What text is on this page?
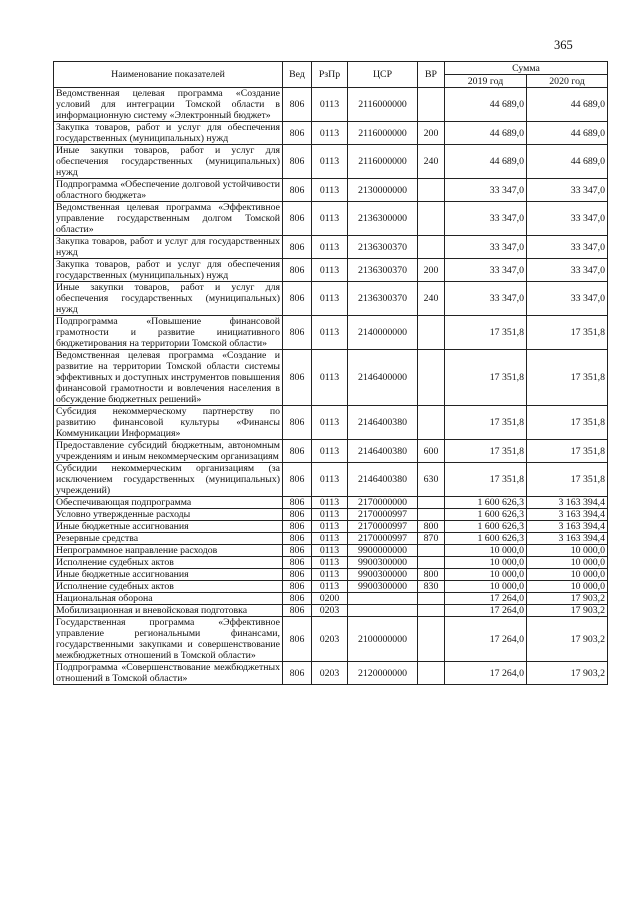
365
Наименование показателей	Вед	РзПр	ЦСР	ВР	Сумма	
					2019 год	2020 год
Ведомственная целевая программа «Создание условий для интеграции Томской области в информационную систему «Электронный бюджет»	806	0113	2116000000		44 689,0	44 689,0
Закупка товаров, работ и услуг для обеспечения государственных (муниципальных) нужд	806	0113	2116000000	200	44 689,0	44 689,0
Иные закупки товаров, работ и услуг для обеспечения государственных (муниципальных) нужд	806	0113	2116000000	240	44 689,0	44 689,0
Подпрограмма «Обеспечение долговой устойчивости областного бюджета»	806	0113	2130000000		33 347,0	33 347,0
Ведомственная целевая программа «Эффективное управление государственным долгом Томской области»	806	0113	2136300000		33 347,0	33 347,0
Закупка товаров, работ и услуг для государственных нужд	806	0113	2136300370		33 347,0	33 347,0
Закупка товаров, работ и услуг для обеспечения государственных (муниципальных) нужд	806	0113	2136300370	200	33 347,0	33 347,0
Иные закупки товаров, работ и услуг для обеспечения государственных (муниципальных) нужд	806	0113	2136300370	240	33 347,0	33 347,0
Подпрограмма «Повышение финансовой грамотности и развитие инициативного бюджетирования на территории Томской области»	806	0113	2140000000		17 351,8	17 351,8
Ведомственная целевая программа «Создание и развитие на территории Томской области системы эффективных и доступных инструментов повышения финансовой грамотности и вовлечения населения в обсуждение бюджетных решений»	806	0113	2146400000		17 351,8	17 351,8
Субсидия некоммерческому партнерству по развитию финансовой культуры «Финансы Коммуникации Информация»	806	0113	2146400380		17 351,8	17 351,8
Предоставление субсидий бюджетным, автономным учреждениям и иным некоммерческим организациям	806	0113	2146400380	600	17 351,8	17 351,8
Субсидии некоммерческим организациям (за исключением государственных (муниципальных) учреждений)	806	0113	2146400380	630	17 351,8	17 351,8
Обеспечивающая подпрограмма	806	0113	2170000000		1 600 626,3	3 163 394,4
Условно утвержденные расходы	806	0113	2170000997		1 600 626,3	3 163 394,4
Иные бюджетные ассигнования	806	0113	2170000997	800	1 600 626,3	3 163 394,4
Резервные средства	806	0113	2170000997	870	1 600 626,3	3 163 394,4
Непрограммное направление расходов	806	0113	9900000000		10 000,0	10 000,0
Исполнение судебных актов	806	0113	9900300000		10 000,0	10 000,0
Иные бюджетные ассигнования	806	0113	9900300000	800	10 000,0	10 000,0
Исполнение судебных актов	806	0113	9900300000	830	10 000,0	10 000,0
Национальная оборона	806	0200			17 264,0	17 903,2
Мобилизационная и вневойсковая подготовка	806	0203			17 264,0	17 903,2
Государственная программа «Эффективное управление региональными финансами, государственными закупками и совершенствование межбюджетных отношений в Томской области»	806	0203	2100000000		17 264,0	17 903,2
Подпрограмма «Совершенствование межбюджетных отношений в Томской области»	806	0203	2120000000		17 264,0	17 903,2
